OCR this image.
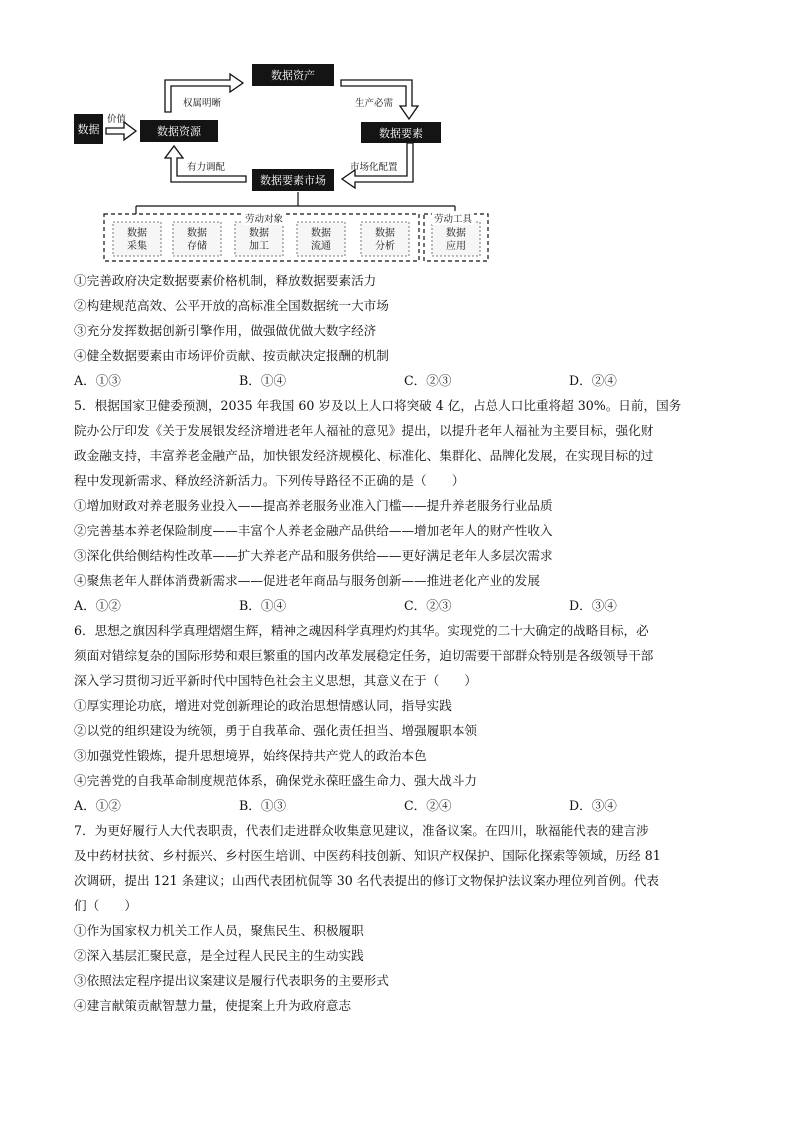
数据
价值
数据资源
数据资产
数据要素
数据要素市场
权属明晰	生产必需
市场化配置
有力调配
劳动对象	劳动工具
数据
采集
数据
存储
数据
加工
数据
流通
数据
分析
数据
应用
①完善政府决定数据要素价格机制，释放数据要素活力
②构建规范高效、公平开放的高标准全国数据统一大市场
③充分发挥数据创新引擎作用，做强做优做大数字经济
④健全数据要素由市场评价贡献、按贡献决定报酬的机制
A．①③	B．①④	C．②③	D．②④
5．根据国家卫健委预测，2035 年我国 60 岁及以上人口将突破 4 亿，占总人口比重将超 30%。日前，国务
院办公厅印发《关于发展银发经济增进老年人福祉的意见》提出，以提升老年人福祉为主要目标，强化财
政金融支持，丰富养老金融产品，加快银发经济规模化、标准化、集群化、品牌化发展，在实现目标的过
程中发现新需求、释放经济新活力。下列传导路径不正确的是（　　）
①增加财政对养老服务业投入——提高养老服务业准入门槛——提升养老服务行业品质
②完善基本养老保险制度——丰富个人养老金融产品供给——增加老年人的财产性收入
③深化供给侧结构性改革——扩大养老产品和服务供给——更好满足老年人多层次需求
④聚焦老年人群体消费新需求——促进老年商品与服务创新——推进老化产业的发展
A．①②	B．①④	C．②③	D．③④
6．思想之旗因科学真理熠熠生辉，精神之魂因科学真理灼灼其华。实现党的二十大确定的战略目标，必
须面对错综复杂的国际形势和艰巨繁重的国内改革发展稳定任务，迫切需要干部群众特别是各级领导干部
深入学习贯彻习近平新时代中国特色社会主义思想，其意义在于（　　）
①厚实理论功底，增进对党创新理论的政治思想情感认同，指导实践
②以党的组织建设为统领，勇于自我革命、强化责任担当、增强履职本领
③加强党性锻炼，提升思想境界，始终保持共产党人的政治本色
④完善党的自我革命制度规范体系，确保党永葆旺盛生命力、强大战斗力
A．①②	B．①③	C．②④	D．③④
7．为更好履行人大代表职责，代表们走进群众收集意见建议，准备议案。在四川，耿福能代表的建言涉
及中药材扶贫、乡村振兴、乡村医生培训、中医药科技创新、知识产权保护、国际化探索等领域，历经 81
次调研，提出 121 条建议；山西代表团杭侃等 30 名代表提出的修订文物保护法议案办理位列首例。代表
们（　　）
①作为国家权力机关工作人员，聚焦民生、积极履职
②深入基层汇聚民意，是全过程人民民主的生动实践
③依照法定程序提出议案建议是履行代表职务的主要形式
④建言献策贡献智慧力量，使提案上升为政府意志
